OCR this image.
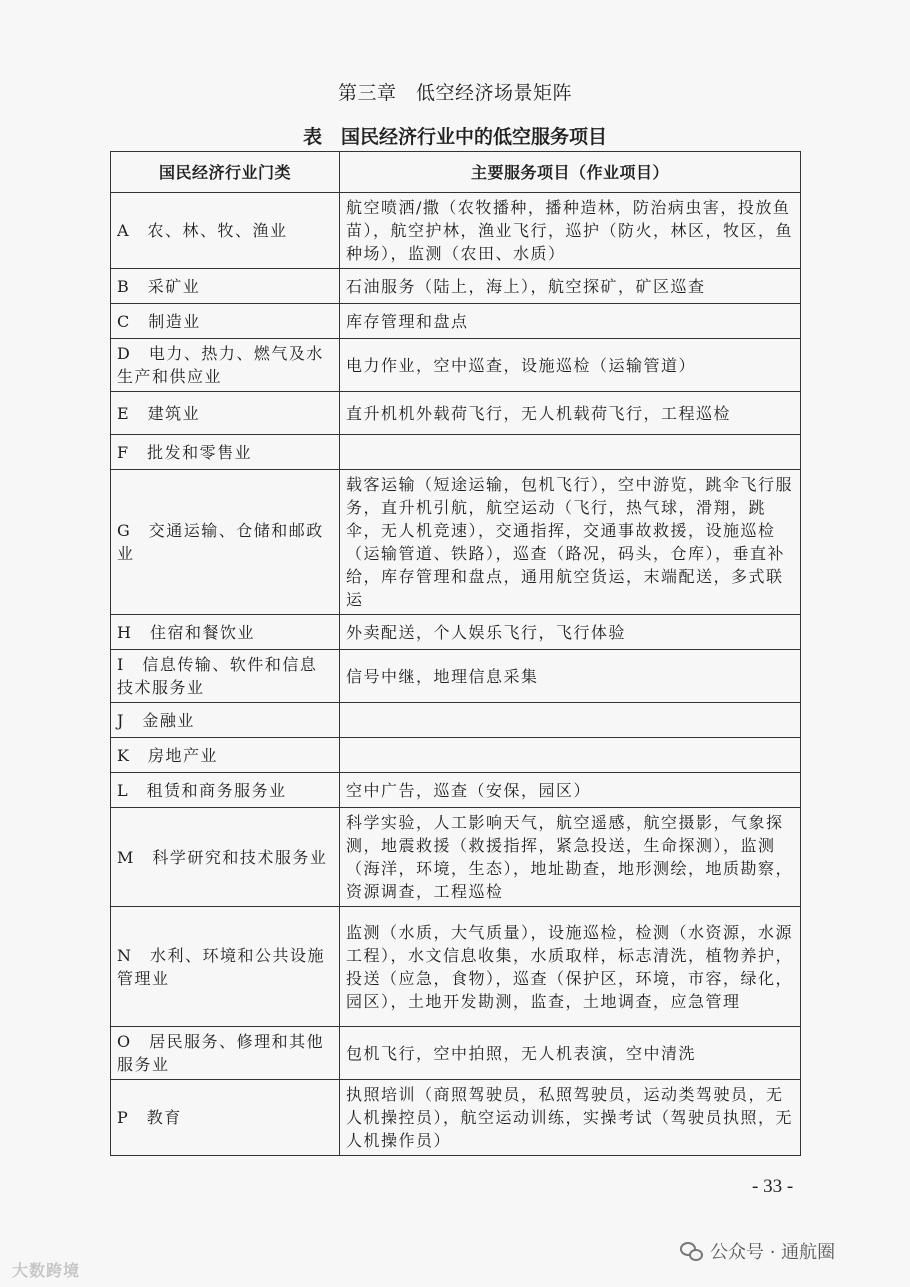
第三章　低空经济场景矩阵
表　国民经济行业中的低空服务项目
国民经济行业门类	主要服务项目（作业项目）
A　农、林、牧、渔业	航空喷洒/撒（农牧播种，播种造林，防治病虫害，投放鱼苗），航空护林，渔业飞行，巡护（防火，林区，牧区，鱼种场），监测（农田、水质）
B　采矿业	石油服务（陆上，海上），航空探矿，矿区巡查
C　制造业	库存管理和盘点
D　电力、热力、燃气及水生产和供应业	电力作业，空中巡查，设施巡检（运输管道）
E　建筑业	直升机机外载荷飞行，无人机载荷飞行，工程巡检
F　批发和零售业	
G　交通运输、仓储和邮政业	载客运输（短途运输，包机飞行），空中游览，跳伞飞行服务，直升机引航，航空运动（飞行，热气球，滑翔，跳伞，无人机竞速），交通指挥，交通事故救援，设施巡检（运输管道、铁路），巡查（路况，码头，仓库），垂直补给，库存管理和盘点，通用航空货运，末端配送，多式联运
H　住宿和餐饮业	外卖配送，个人娱乐飞行，飞行体验
I　信息传输、软件和信息技术服务业	信号中继，地理信息采集
J　金融业	
K　房地产业	
L　租赁和商务服务业	空中广告，巡查（安保，园区）
M　科学研究和技术服务业	科学实验，人工影响天气，航空遥感，航空摄影，气象探测，地震救援（救援指挥，紧急投送，生命探测），监测（海洋，环境，生态），地址勘查，地形测绘，地质勘察，资源调查，工程巡检
N　水利、环境和公共设施管理业	监测（水质，大气质量），设施巡检，检测（水资源，水源工程），水文信息收集，水质取样，标志清洗，植物养护，投送（应急，食物），巡查（保护区，环境，市容，绿化，园区），土地开发勘测，监查，土地调查，应急管理
O　居民服务、修理和其他服务业	包机飞行，空中拍照，无人机表演，空中清洗
P　教育	执照培训（商照驾驶员，私照驾驶员，运动类驾驶员，无人机操控员），航空运动训练，实操考试（驾驶员执照，无人机操作员）
- 33 -
大数跨境
公众号 · 通航圈
